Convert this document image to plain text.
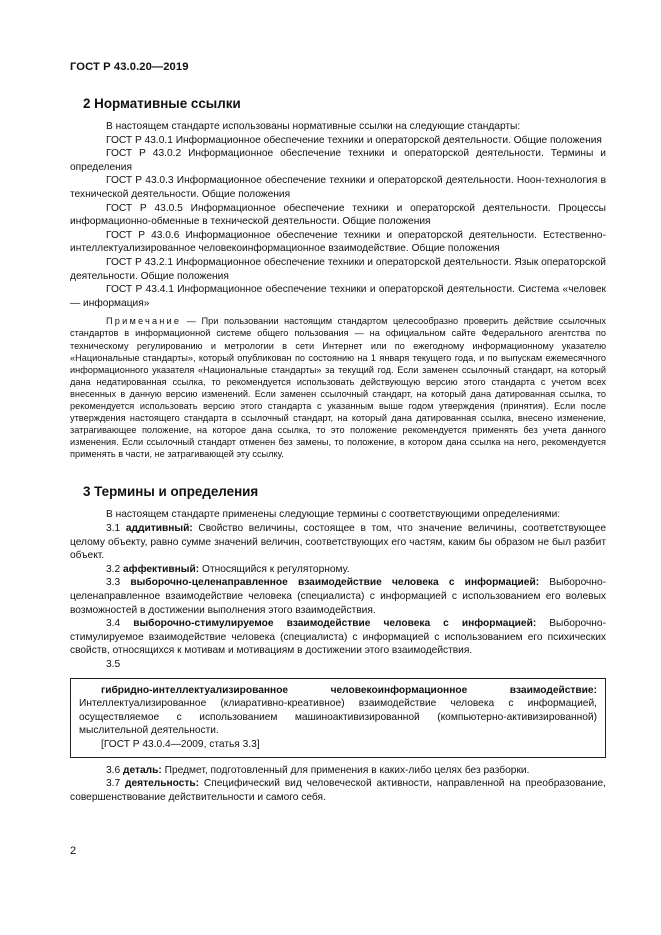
ГОСТ Р 43.0.20—2019
2 Нормативные ссылки

В настоящем стандарте использованы нормативные ссылки на следующие стандарты:

ГОСТ Р 43.0.1 Информационное обеспечение техники и операторской деятельности. Общие положения

ГОСТ Р 43.0.2 Информационное обеспечение техники и операторской деятельности. Термины и определения

ГОСТ Р 43.0.3 Информационное обеспечение техники и операторской деятельности. Ноон-технология в технической деятельности. Общие положения

ГОСТ Р 43.0.5 Информационное обеспечение техники и операторской деятельности. Процессы информационно-обменные в технической деятельности. Общие положения

ГОСТ Р 43.0.6 Информационное обеспечение техники и операторской деятельности. Естественно-интеллектуализированное человекоинформационное взаимодействие. Общие положения

ГОСТ Р 43.2.1 Информационное обеспечение техники и операторской деятельности. Язык операторской деятельности. Общие положения

ГОСТ Р 43.4.1 Информационное обеспечение техники и операторской деятельности. Система «человек — информация»

Примечание — При пользовании настоящим стандартом целесообразно проверить действие ссылочных стандартов в информационной системе общего пользования — на официальном сайте Федерального агентства по техническому регулированию и метрологии в сети Интернет или по ежегодному информационному указателю «Национальные стандарты», который опубликован по состоянию на 1 января текущего года, и по выпускам ежемесячного информационного указателя «Национальные стандарты» за текущий год. Если заменен ссылочный стандарт, на который дана недатированная ссылка, то рекомендуется использовать действующую версию этого стандарта с учетом всех внесенных в данную версию изменений. Если заменен ссылочный стандарт, на который дана датированная ссылка, то рекомендуется использовать версию этого стандарта с указанным выше годом утверждения (принятия). Если после утверждения настоящего стандарта в ссылочный стандарт, на который дана датированная ссылка, внесено изменение, затрагивающее положение, на которое дана ссылка, то это положение рекомендуется применять без учета данного изменения. Если ссылочный стандарт отменен без замены, то положение, в котором дана ссылка на него, рекомендуется применять в части, не затрагивающей эту ссылку.

3 Термины и определения

В настоящем стандарте применены следующие термины с соответствующими определениями:

3.1 аддитивный: Свойство величины, состоящее в том, что значение величины, соответствующее целому объекту, равно сумме значений величин, соответствующих его частям, каким бы образом не был разбит объект.

3.2 аффективный: Относящийся к регуляторному.

3.3 выборочно-целенаправленное взаимодействие человека с информацией: Выборочно-целенаправленное взаимодействие человека (специалиста) с информацией с использованием его волевых возможностей в достижении выполнения этого взаимодействия.

3.4 выборочно-стимулируемое взаимодействие человека с информацией: Выборочно-стимулируемое взаимодействие человека (специалиста) с информацией с использованием его психических свойств, относящихся к мотивам и мотивациям в достижении этого взаимодействия.

3.5

гибридно-интеллектуализированное человекоинформационное взаимодействие: Интеллектуализированное (клиаративно-креативное) взаимодействие человека с информацией, осуществляемое с использованием машиноактивизированной (компьютерно-активизированной) мыслительной деятельности.

[ГОСТ Р 43.0.4—2009, статья 3.3]

3.6 деталь: Предмет, подготовленный для применения в каких-либо целях без разборки.

3.7 деятельность: Специфический вид человеческой активности, направленной на преобразование, совершенствование действительности и самого себя.

2
